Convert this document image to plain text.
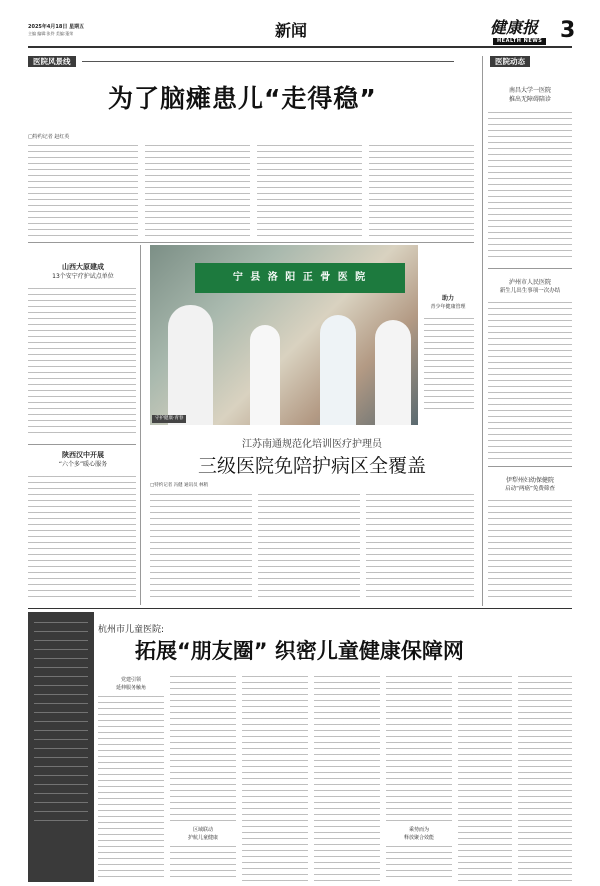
2025年4月18日 星期五
主编 编辑:张伶 美编:蓬荣	新闻	健康报
HEALTH NEWS 3
医院风景线	医院动态
为了脑瘫患儿“走得稳”
□特约记者 赵红英
山西大原建成
13个安宁疗护试点单位
陕西汉中开展
“六个多”暖心服务
宁 县 洛 阳 正 骨 医 院
守护健康·青春
助力
青少年健康管理
江苏南通规范化培训医疗护理员
三级医院免陪护病区全覆盖
□特约记者 冯健 通讯员 林稍
南昌大学一医院
推出无障碍陪诊
泸州市人民医院
新生儿出生事项一次办结
伊犁州妇幼保健院
启动“两癌”免费筛查
杭州市儿童医院:
拓展“朋友圈” 织密儿童健康保障网
党建引领
延伸服务触角
区域联动
护航儿童健康
乘势而为
释放聚合效能
